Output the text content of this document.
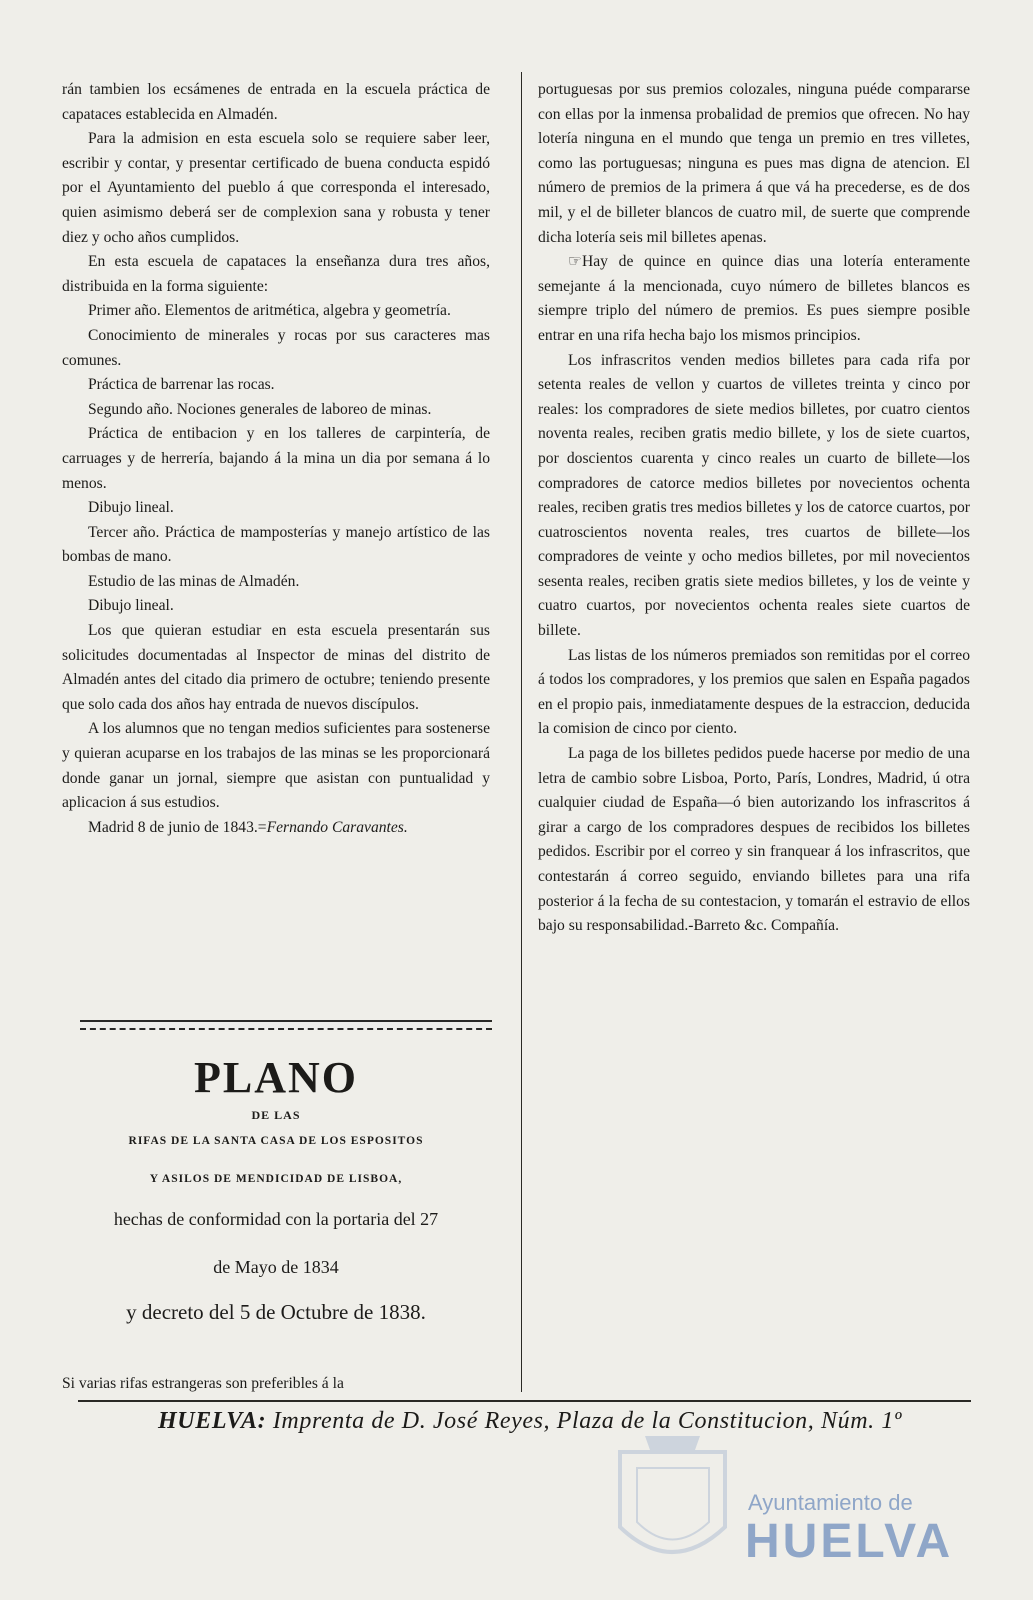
rán tambien los ecsámenes de entrada en la escuela práctica de capataces establecida en Almadén.

Para la admision en esta escuela solo se requiere saber leer, escribir y contar, y presentar certificado de buena conducta espidó por el Ayuntamiento del pueblo á que corresponda el interesado, quien asimismo deberá ser de complexion sana y robusta y tener diez y ocho años cumplidos.

En esta escuela de capataces la enseñanza dura tres años, distribuida en la forma siguiente:

Primer año. Elementos de aritmética, algebra y geometría.

Conocimiento de minerales y rocas por sus caracteres mas comunes.

Práctica de barrenar las rocas.

Segundo año. Nociones generales de laboreo de minas.

Práctica de entibacion y en los talleres de carpintería, de carruages y de herrería, bajando á la mina un dia por semana á lo menos.

Dibujo lineal.

Tercer año. Práctica de mamposterías y manejo artístico de las bombas de mano.

Estudio de las minas de Almadén.

Dibujo lineal.

Los que quieran estudiar en esta escuela presentarán sus solicitudes documentadas al Inspector de minas del distrito de Almadén antes del citado dia primero de octubre; teniendo presente que solo cada dos años hay entrada de nuevos discípulos.

A los alumnos que no tengan medios suficientes para sostenerse y quieran acuparse en los trabajos de las minas se les proporcionará donde ganar un jornal, siempre que asistan con puntualidad y aplicacion á sus estudios.

Madrid 8 de junio de 1843.=Fernando Caravantes.

PLANO
DE LAS
RIFAS DE LA SANTA CASA DE LOS ESPOSITOS
Y ASILOS DE MENDICIDAD DE LISBOA,
hechas de conformidad con la portaria del 27
de Mayo de 1834
y decreto del 5 de Octubre de 1838.
Si varias rifas estrangeras son preferibles á la

portuguesas por sus premios colozales, ninguna puéde compararse con ellas por la inmensa probalidad de premios que ofrecen. No hay lotería ninguna en el mundo que tenga un premio en tres villetes, como las portuguesas; ninguna es pues mas digna de atencion. El número de premios de la primera á que vá ha precederse, es de dos mil, y el de billeter blancos de cuatro mil, de suerte que comprende dicha lotería seis mil billetes apenas.

☞Hay de quince en quince dias una lotería enteramente semejante á la mencionada, cuyo número de billetes blancos es siempre triplo del número de premios. Es pues siempre posible entrar en una rifa hecha bajo los mismos principios.

Los infrascritos venden medios billetes para cada rifa por setenta reales de vellon y cuartos de villetes treinta y cinco por reales: los compradores de siete medios billetes, por cuatro cientos noventa reales, reciben gratis medio billete, y los de siete cuartos, por doscientos cuarenta y cinco reales un cuarto de billete—los compradores de catorce medios billetes por novecientos ochenta reales, reciben gratis tres medios billetes y los de catorce cuartos, por cuatroscientos noventa reales, tres cuartos de billete—los compradores de veinte y ocho medios billetes, por mil novecientos sesenta reales, reciben gratis siete medios billetes, y los de veinte y cuatro cuartos, por novecientos ochenta reales siete cuartos de billete.

Las listas de los números premiados son remitidas por el correo á todos los compradores, y los premios que salen en España pagados en el propio pais, inmediatamente despues de la estraccion, deducida la comision de cinco por ciento.

La paga de los billetes pedidos puede hacerse por medio de una letra de cambio sobre Lisboa, Porto, París, Londres, Madrid, ú otra cualquier ciudad de España—ó bien autorizando los infrascritos á girar a cargo de los compradores despues de recibidos los billetes pedidos. Escribir por el correo y sin franquear á los infrascritos, que contestarán á correo seguido, enviando billetes para una rifa posterior á la fecha de su contestacion, y tomarán el estravio de ellos bajo su responsabilidad.-Barreto &c. Compañía.

HUELVA: Imprenta de D. José Reyes, Plaza de la Constitucion, Núm. 1º
Ayuntamiento de
HUELVA
